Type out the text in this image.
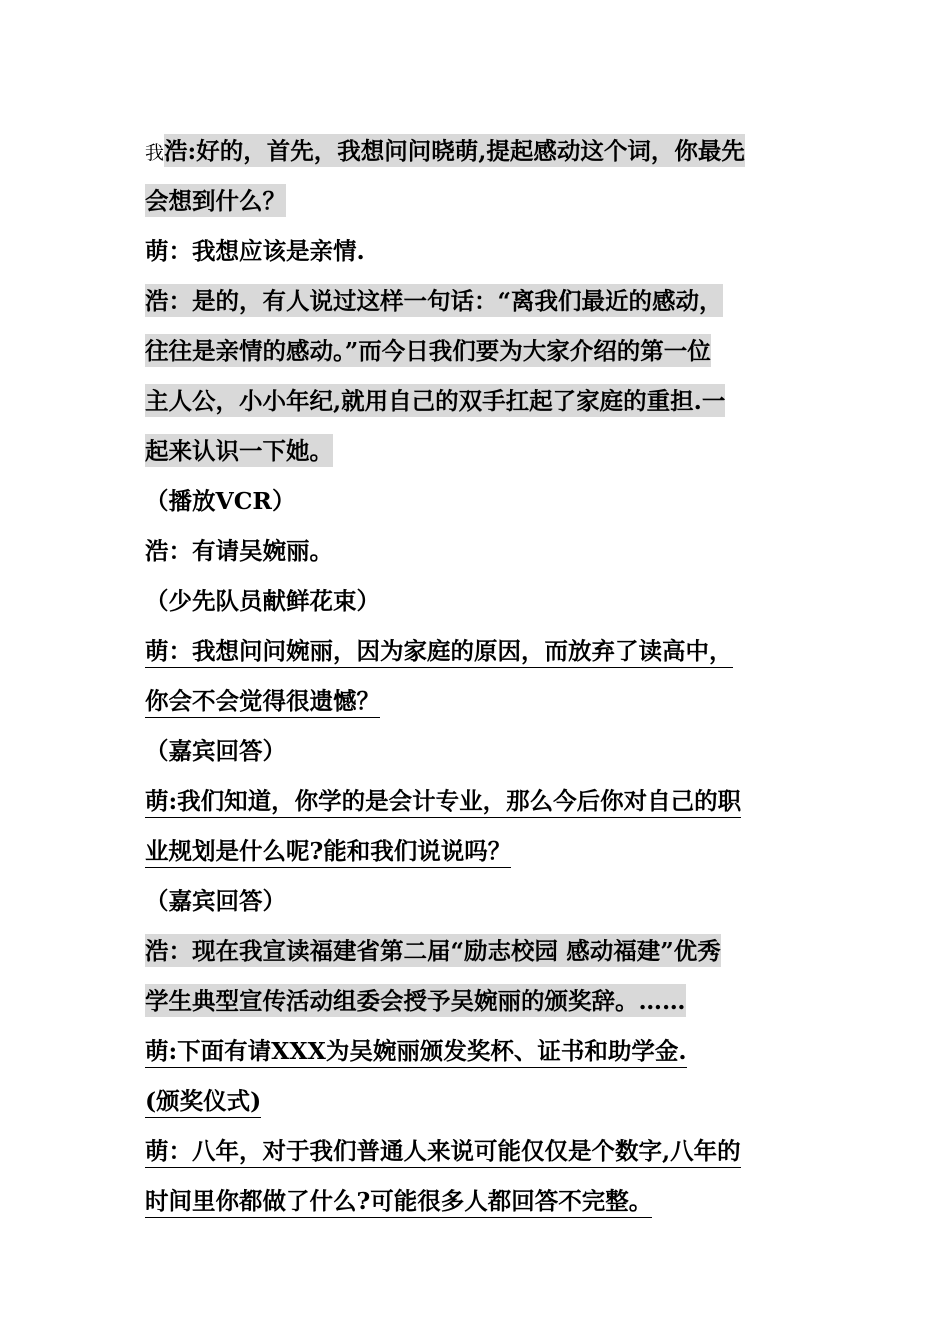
我浩:好的，首先，我想问问晓萌,提起感动这个词，你最先
会想到什么？
萌：我想应该是亲情.
浩：是的，有人说过这样一句话：“离我们最近的感动，
往往是亲情的感动。”而今日我们要为大家介绍的第一位
主人公，小小年纪,就用自己的双手扛起了家庭的重担.一
起来认识一下她。
（播放VCR）
浩：有请吴婉丽。
（少先队员献鲜花束）
萌：我想问问婉丽，因为家庭的原因，而放弃了读高中，
你会不会觉得很遗憾？
（嘉宾回答）
萌:我们知道，你学的是会计专业，那么今后你对自己的职
业规划是什么呢?能和我们说说吗？
（嘉宾回答）
浩：现在我宣读福建省第二届“励志校园 感动福建”优秀
学生典型宣传活动组委会授予吴婉丽的颁奖辞。……
萌:下面有请XXX为吴婉丽颁发奖杯、证书和助学金.
(颁奖仪式)
萌：八年，对于我们普通人来说可能仅仅是个数字,八年的
时间里你都做了什么?可能很多人都回答不完整。
